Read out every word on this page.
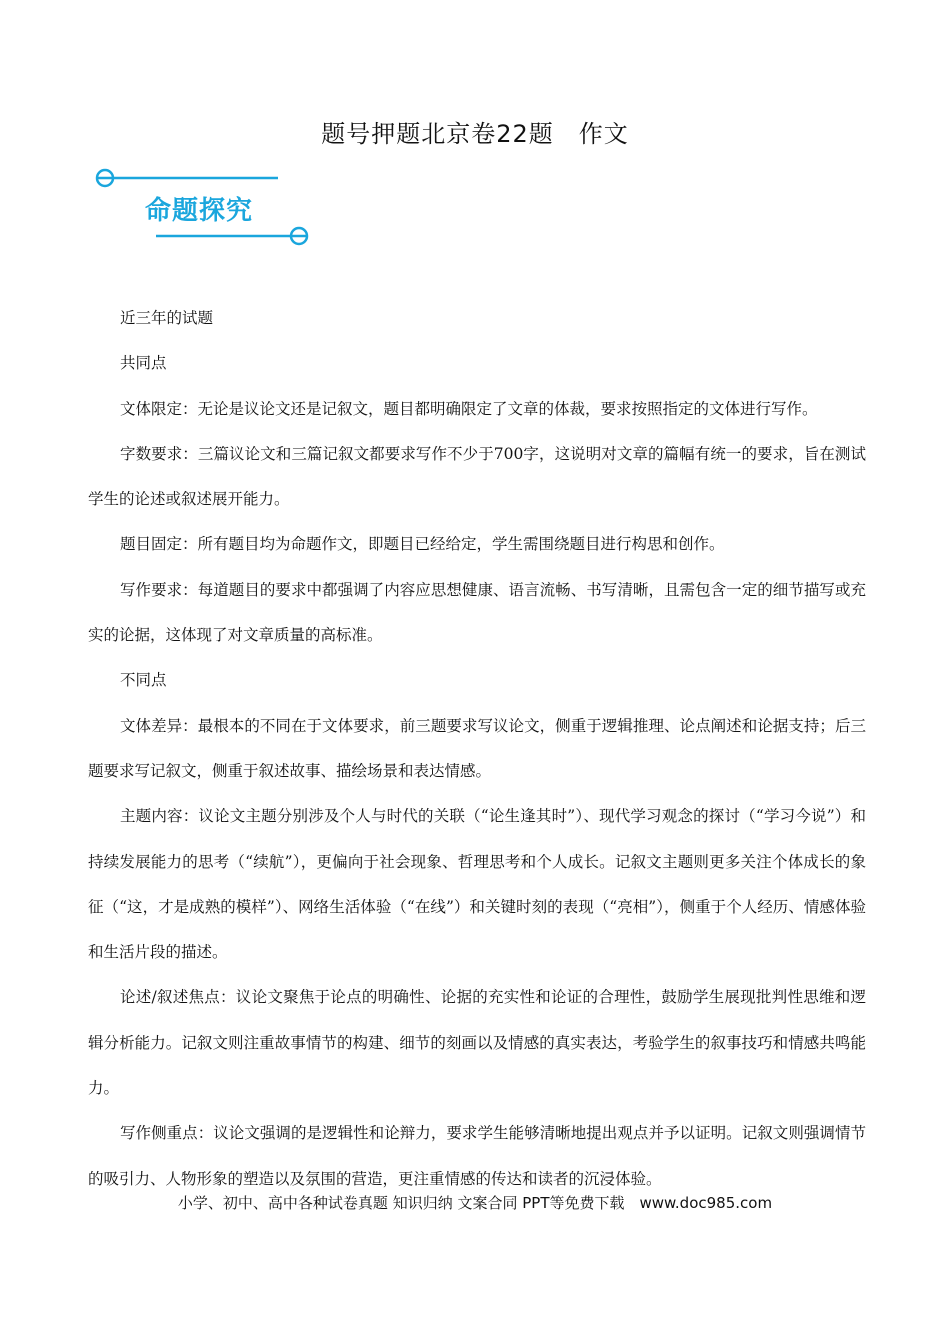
题号押题北京卷22题　作文
命题探究

近三年的试题

共同点

文体限定：无论是议论文还是记叙文，题目都明确限定了文章的体裁，要求按照指定的文体进行写作。

字数要求：三篇议论文和三篇记叙文都要求写作不少于700字，这说明对文章的篇幅有统一的要求，旨在测试学生的论述或叙述展开能力。

题目固定：所有题目均为命题作文，即题目已经给定，学生需围绕题目进行构思和创作。

写作要求：每道题目的要求中都强调了内容应思想健康、语言流畅、书写清晰，且需包含一定的细节描写或充实的论据，这体现了对文章质量的高标准。

不同点

文体差异：最根本的不同在于文体要求，前三题要求写议论文，侧重于逻辑推理、论点阐述和论据支持；后三题要求写记叙文，侧重于叙述故事、描绘场景和表达情感。

主题内容：议论文主题分别涉及个人与时代的关联（“论生逢其时”）、现代学习观念的探讨（“学习今说”）和持续发展能力的思考（“续航”），更偏向于社会现象、哲理思考和个人成长。记叙文主题则更多关注个体成长的象征（“这，才是成熟的模样”）、网络生活体验（“在线”）和关键时刻的表现（“亮相”），侧重于个人经历、情感体验和生活片段的描述。

论述/叙述焦点：议论文聚焦于论点的明确性、论据的充实性和论证的合理性，鼓励学生展现批判性思维和逻辑分析能力。记叙文则注重故事情节的构建、细节的刻画以及情感的真实表达，考验学生的叙事技巧和情感共鸣能力。

写作侧重点：议论文强调的是逻辑性和论辩力，要求学生能够清晰地提出观点并予以证明。记叙文则强调情节的吸引力、人物形象的塑造以及氛围的营造，更注重情感的传达和读者的沉浸体验。

小学、初中、高中各种试卷真题 知识归纳 文案合同 PPT等免费下载　www.doc985.com
